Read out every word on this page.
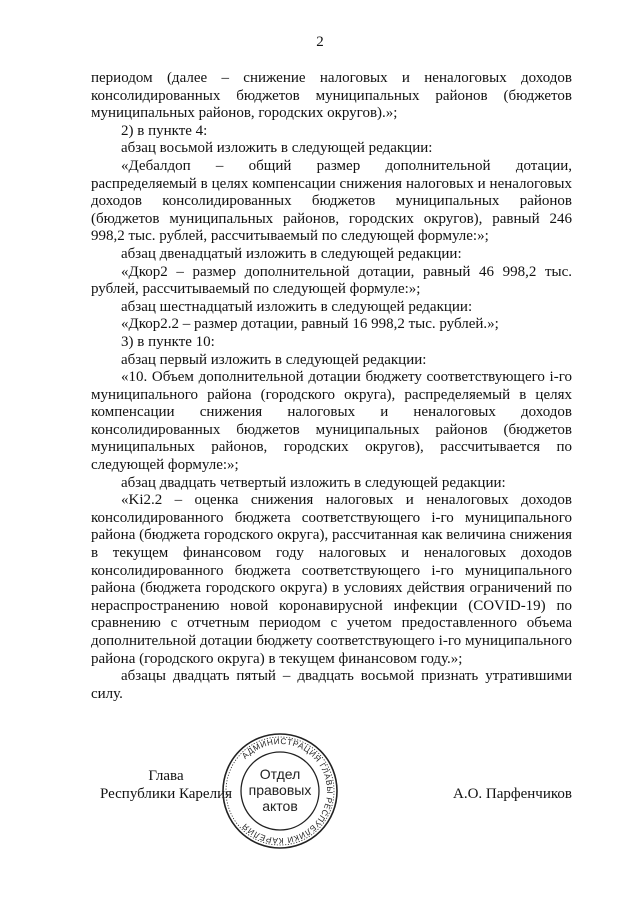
2

периодом (далее – снижение налоговых и неналоговых доходов консолидированных бюджетов муниципальных районов (бюджетов муниципальных районов, городских округов).»;

2) в пункте 4:

абзац восьмой изложить в следующей редакции:

«Дебалдоп – общий размер дополнительной дотации, распределяемый в целях компенсации снижения налоговых и неналоговых доходов консолидированных бюджетов муниципальных районов (бюджетов муниципальных районов, городских округов), равный 246 998,2 тыс. рублей, рассчитываемый по следующей формуле:»;

абзац двенадцатый изложить в следующей редакции:

«Дкор2 – размер дополнительной дотации, равный 46 998,2 тыс. рублей, рассчитываемый по следующей формуле:»;

абзац шестнадцатый изложить в следующей редакции:

«Дкор2.2 – размер дотации, равный 16 998,2 тыс. рублей.»;

3) в пункте 10:

абзац первый изложить в следующей редакции:

«10. Объем дополнительной дотации бюджету соответствующего i-го муниципального района (городского округа), распределяемый в целях компенсации снижения налоговых и неналоговых доходов консолидированных бюджетов муниципальных районов (бюджетов муниципальных районов, городских округов), рассчитывается по следующей формуле:»;

абзац двадцать четвертый изложить в следующей редакции:

«Ki2.2 – оценка снижения налоговых и неналоговых доходов консолидированного бюджета соответствующего i-го муниципального района (бюджета городского округа), рассчитанная как величина снижения в текущем финансовом году налоговых и неналоговых доходов консолидированного бюджета соответствующего i-го муниципального района (бюджета городского округа) в условиях действия ограничений по нераспространению новой коронавирусной инфекции (COVID-19) по сравнению с отчетным периодом с учетом предоставленного объема дополнительной дотации бюджету соответствующего i-го муниципального района (городского округа) в текущем финансовом году.»;

абзацы двадцать пятый – двадцать восьмой признать утратившими силу.

Глава
Республики Карелия
АДМИНИСТРАЦИЯ ГЛАВЫ РЕСПУБЛИКИ КАРЕЛИЯ
Отдел
правовых
актов
А.О. Парфенчиков
